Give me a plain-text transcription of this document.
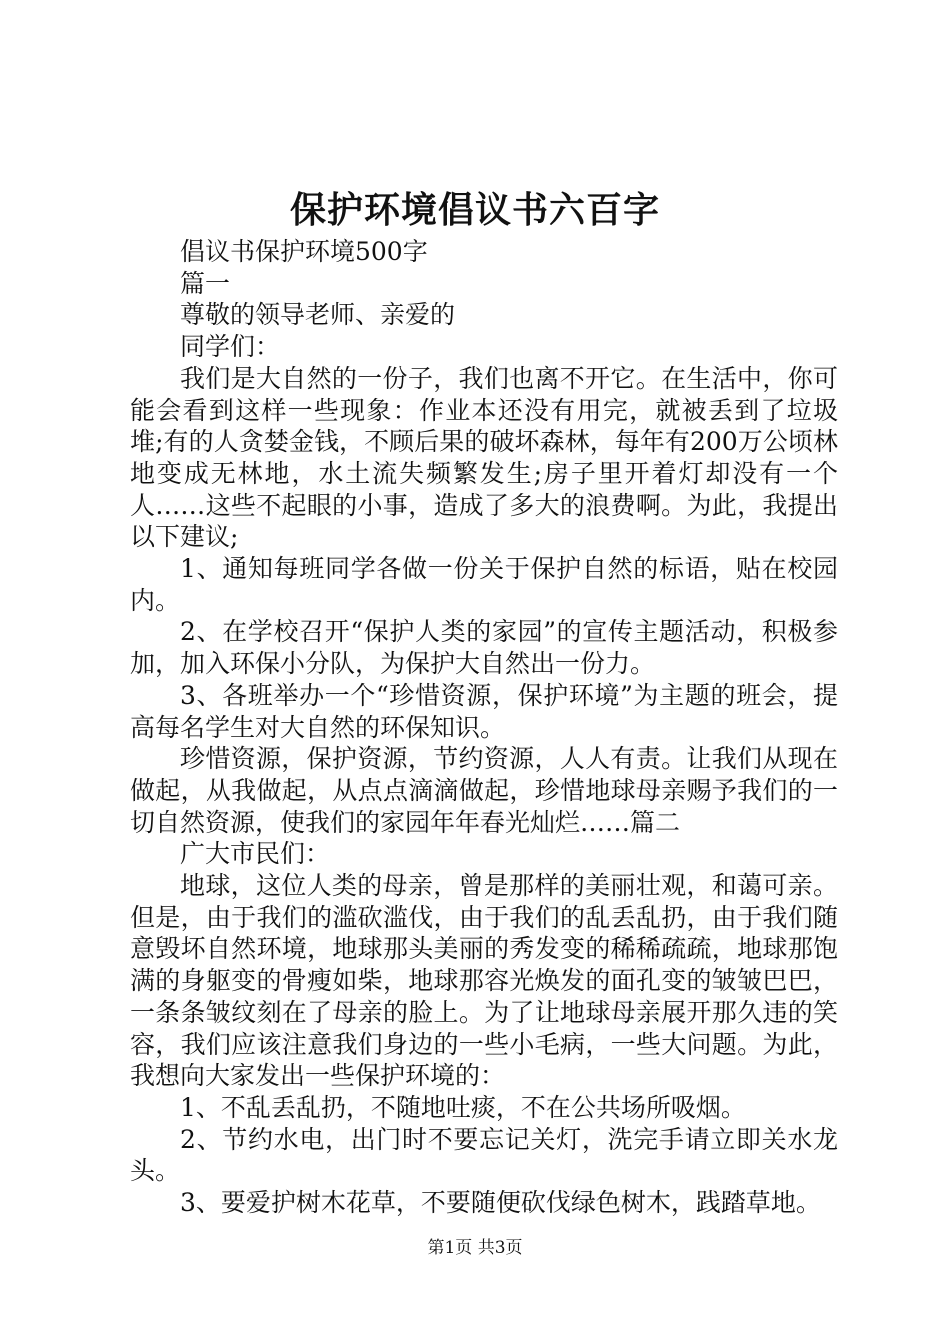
保护环境倡议书六百字

倡议书保护环境500字

篇一

尊敬的领导老师、亲爱的

同学们：

我们是大自然的一份子，我们也离不开它。在生活中，你可能会看到这样一些现象：作业本还没有用完，就被丢到了垃圾堆;有的人贪婪金钱，不顾后果的破坏森林，每年有200万公顷林地变成无林地，水土流失频繁发生;房子里开着灯却没有一个人……这些不起眼的小事，造成了多大的浪费啊。为此，我提出以下建议;

1、通知每班同学各做一份关于保护自然的标语，贴在校园内。

2、在学校召开“保护人类的家园”的宣传主题活动，积极参加，加入环保小分队，为保护大自然出一份力。

3、各班举办一个“珍惜资源，保护环境”为主题的班会，提高每名学生对大自然的环保知识。

珍惜资源，保护资源，节约资源，人人有责。让我们从现在做起，从我做起，从点点滴滴做起，珍惜地球母亲赐予我们的一切自然资源，使我们的家园年年春光灿烂……篇二

广大市民们：

地球，这位人类的母亲，曾是那样的美丽壮观，和蔼可亲。但是，由于我们的滥砍滥伐，由于我们的乱丢乱扔，由于我们随意毁坏自然环境，地球那头美丽的秀发变的稀稀疏疏，地球那饱满的身躯变的骨瘦如柴，地球那容光焕发的面孔变的皱皱巴巴，一条条皱纹刻在了母亲的脸上。为了让地球母亲展开那久违的笑容，我们应该注意我们身边的一些小毛病，一些大问题。为此，我想向大家发出一些保护环境的：

1、不乱丢乱扔，不随地吐痰，不在公共场所吸烟。

2、节约水电，出门时不要忘记关灯，洗完手请立即关水龙头。

3、要爱护树木花草，不要随便砍伐绿色树木，践踏草地。

第1页 共3页
